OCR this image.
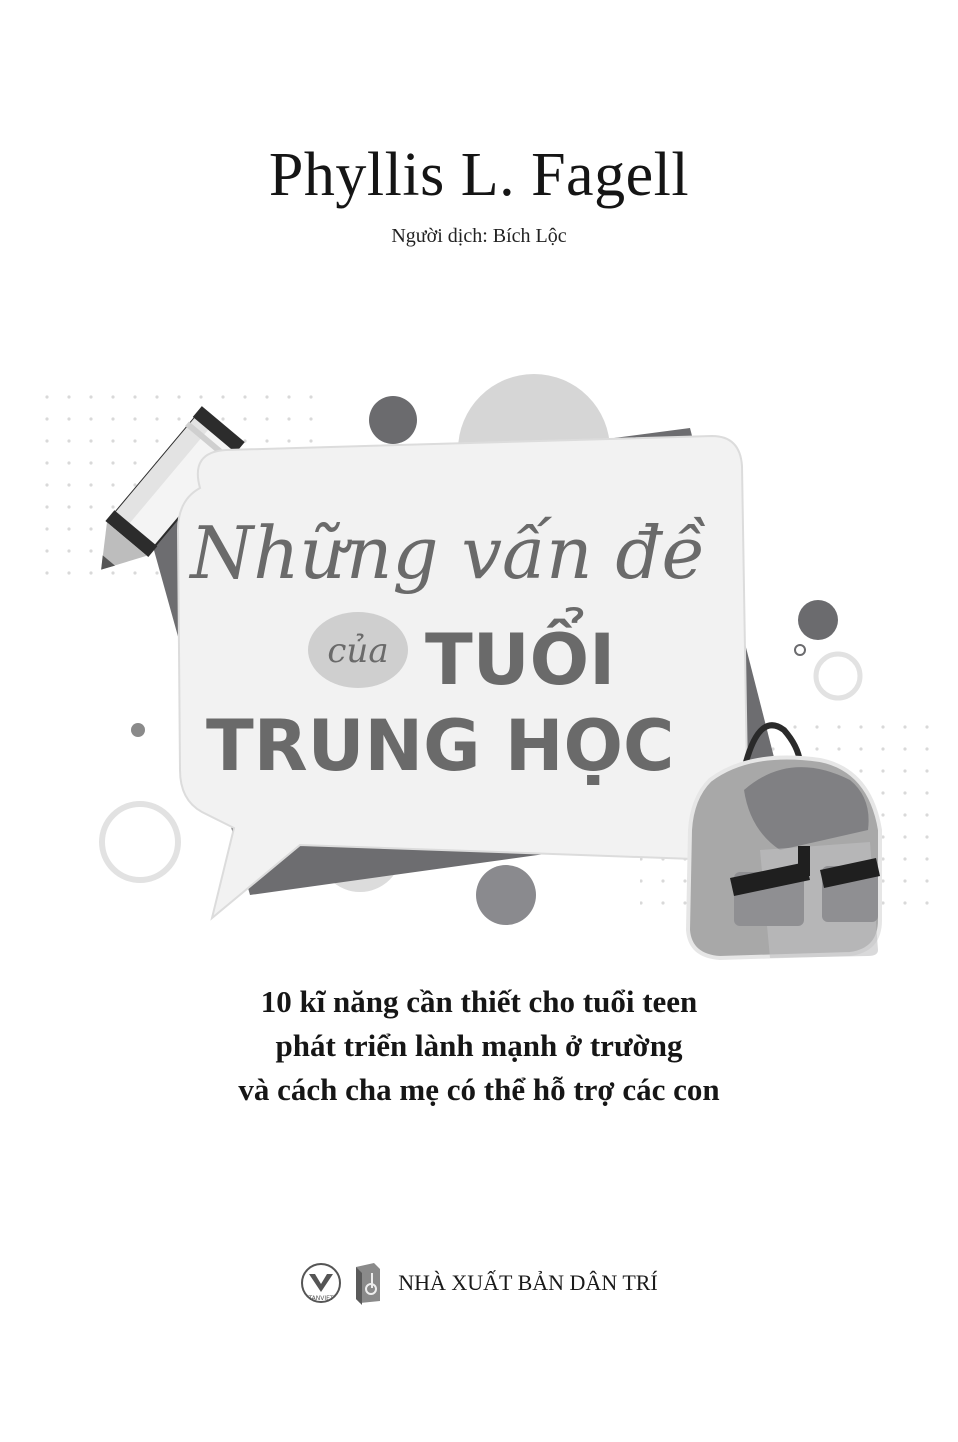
Phyllis L. Fagell
Người dịch: Bích Lộc
Những vấn đề
của TUỔI
TRUNG HỌC
10 kĩ năng cần thiết cho tuổi teen
phát triển lành mạnh ở trường
và cách cha mẹ có thể hỗ trợ các con
TANVIET
NHÀ XUẤT BẢN DÂN TRÍ
